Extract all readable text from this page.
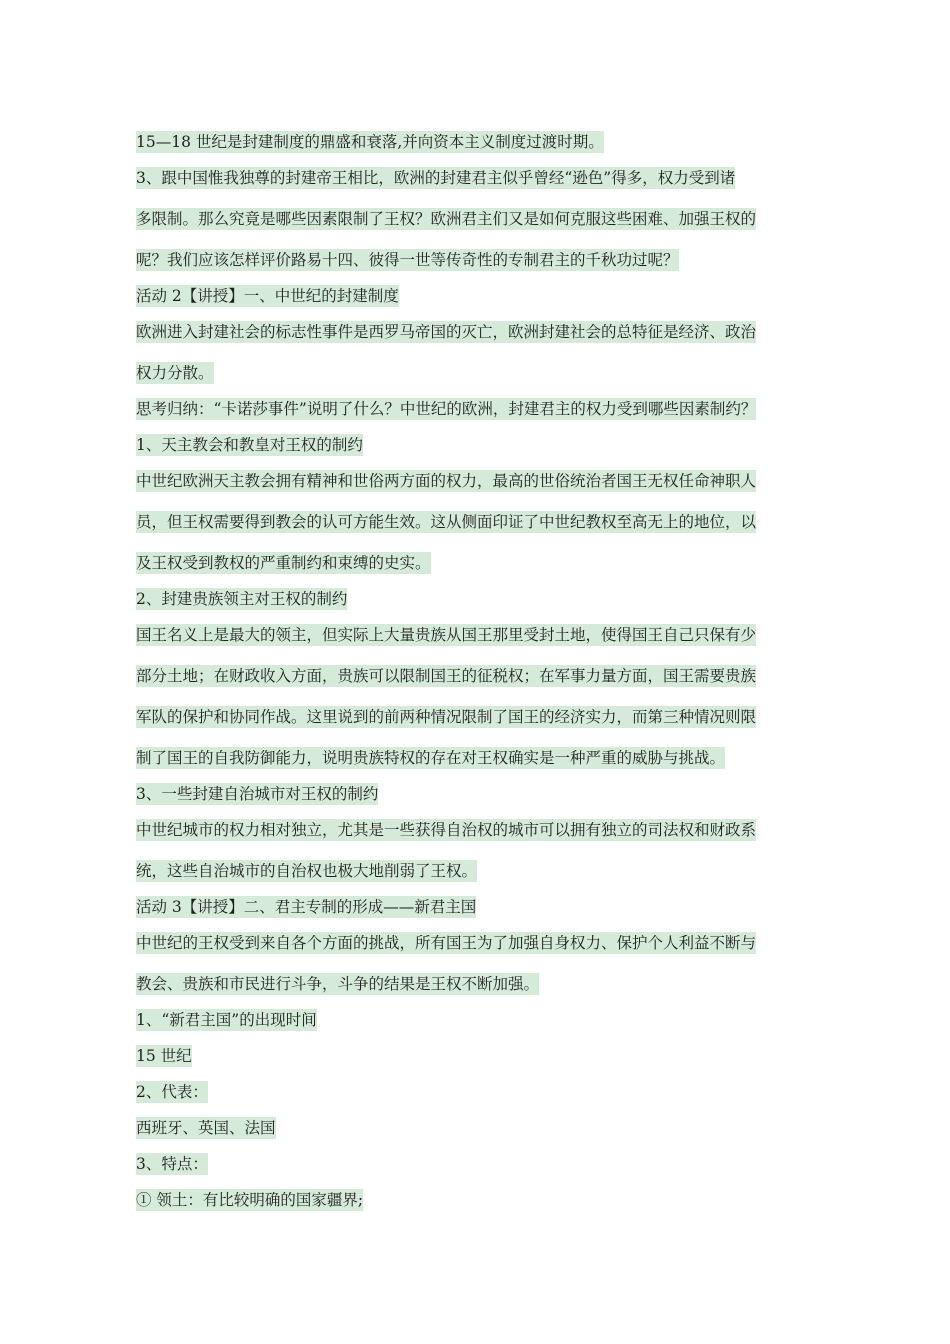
15—18 世纪是封建制度的鼎盛和衰落,并向资本主义制度过渡时期。
3、跟中国惟我独尊的封建帝王相比，欧洲的封建君主似乎曾经“逊色”得多，权力受到诸
多限制。那么究竟是哪些因素限制了王权？欧洲君主们又是如何克服这些困难、加强王权的
呢？我们应该怎样评价路易十四、彼得一世等传奇性的专制君主的千秋功过呢？
活动 2【讲授】一、中世纪的封建制度
欧洲进入封建社会的标志性事件是西罗马帝国的灭亡，欧洲封建社会的总特征是经济、政治
权力分散。
思考归纳：“卡诺莎事件”说明了什么？中世纪的欧洲，封建君主的权力受到哪些因素制约？
1、天主教会和教皇对王权的制约
中世纪欧洲天主教会拥有精神和世俗两方面的权力，最高的世俗统治者国王无权任命神职人
员，但王权需要得到教会的认可方能生效。这从侧面印证了中世纪教权至高无上的地位，以
及王权受到教权的严重制约和束缚的史实。
2、封建贵族领主对王权的制约
国王名义上是最大的领主，但实际上大量贵族从国王那里受封土地，使得国王自己只保有少
部分土地；在财政收入方面，贵族可以限制国王的征税权；在军事力量方面，国王需要贵族
军队的保护和协同作战。这里说到的前两种情况限制了国王的经济实力，而第三种情况则限
制了国王的自我防御能力，说明贵族特权的存在对王权确实是一种严重的威胁与挑战。
3、一些封建自治城市对王权的制约
中世纪城市的权力相对独立，尤其是一些获得自治权的城市可以拥有独立的司法权和财政系
统，这些自治城市的自治权也极大地削弱了王权。
活动 3【讲授】二、君主专制的形成——新君主国
中世纪的王权受到来自各个方面的挑战，所有国王为了加强自身权力、保护个人利益不断与
教会、贵族和市民进行斗争，斗争的结果是王权不断加强。
1、“新君主国”的出现时间
15 世纪
2、代表：
西班牙、英国、法国
3、特点：
① 领土：有比较明确的国家疆界;
